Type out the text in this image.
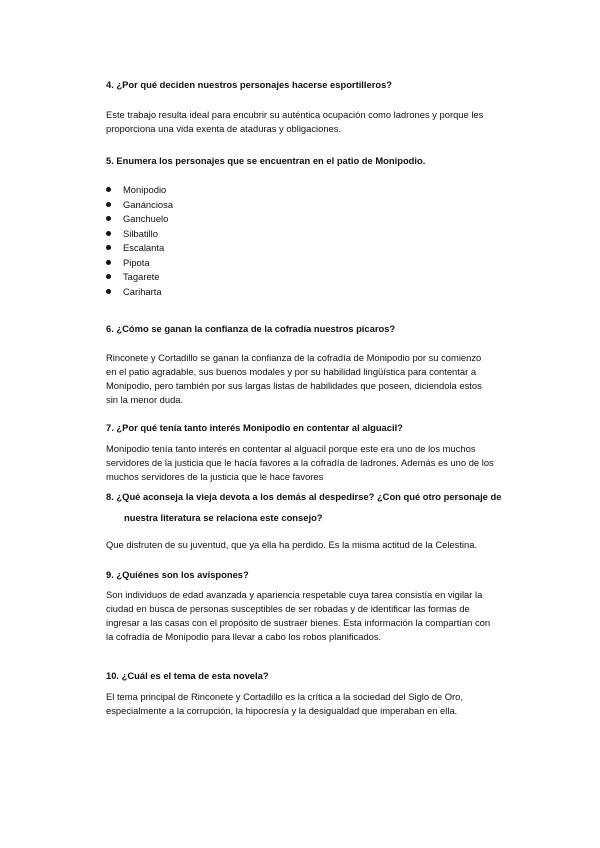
4. ¿Por qué deciden nuestros personajes hacerse esportilleros?

Este trabajo resulta ideal para encubrir su auténtica ocupación como ladrones y porque les

proporciona una vida exenta de ataduras y obligaciones.

5. Enumera los personajes que se encuentran en el patio de Monipodio.

Monipodio

Ganánciosa

Ganchuelo

Silbatillo

Escalanta

Pipota

Tagarete

Cariharta

6. ¿Cómo se ganan la confianza de la cofradía nuestros pícaros?

Rinconete y Cortadillo se ganan la confianza de la cofradía de Monipodio por su comienzo

en el patio agradable, sus buenos modales y por su habilidad lingüística para contentar a

Monipodio, pero también por sus largas listas de habilidades que poseen, diciendola estos

sin la menor duda.

7. ¿Por qué tenía tanto interés Monipodio en contentar al alguacil?

Monipodio tenía tanto interés en contentar al alguacil porque este era uno de los muchos

servidores de la justicia que le hacía favores a la cofradía de ladrones. Además es uno de los

muchos servidores de la justicia que le hace favores

8. ¿Qué aconseja la vieja devota a los demás al despedirse? ¿Con qué otro personaje de

nuestra literatura se relaciona este consejo?

Que disfruten de su juventud, que ya ella ha perdido. Es la misma actitud de la Celestina.

9. ¿Quiénes son los avispones?

Son individuos de edad avanzada y apariencia respetable cuya tarea consistía en vigilar la

ciudad en busca de personas susceptibles de ser robadas y de identificar las formas de

ingresar a las casas con el propósito de sustraer bienes. Esta información la compartían con

la cofradía de Monipodio para llevar a cabo los robos planificados.

10. ¿Cuál es el tema de esta novela?

El tema principal de Rinconete y Cortadillo es la crítica a la sociedad del Siglo de Oro,

especialmente a la corrupción, la hipocresía y la desigualdad que imperaban en ella.
